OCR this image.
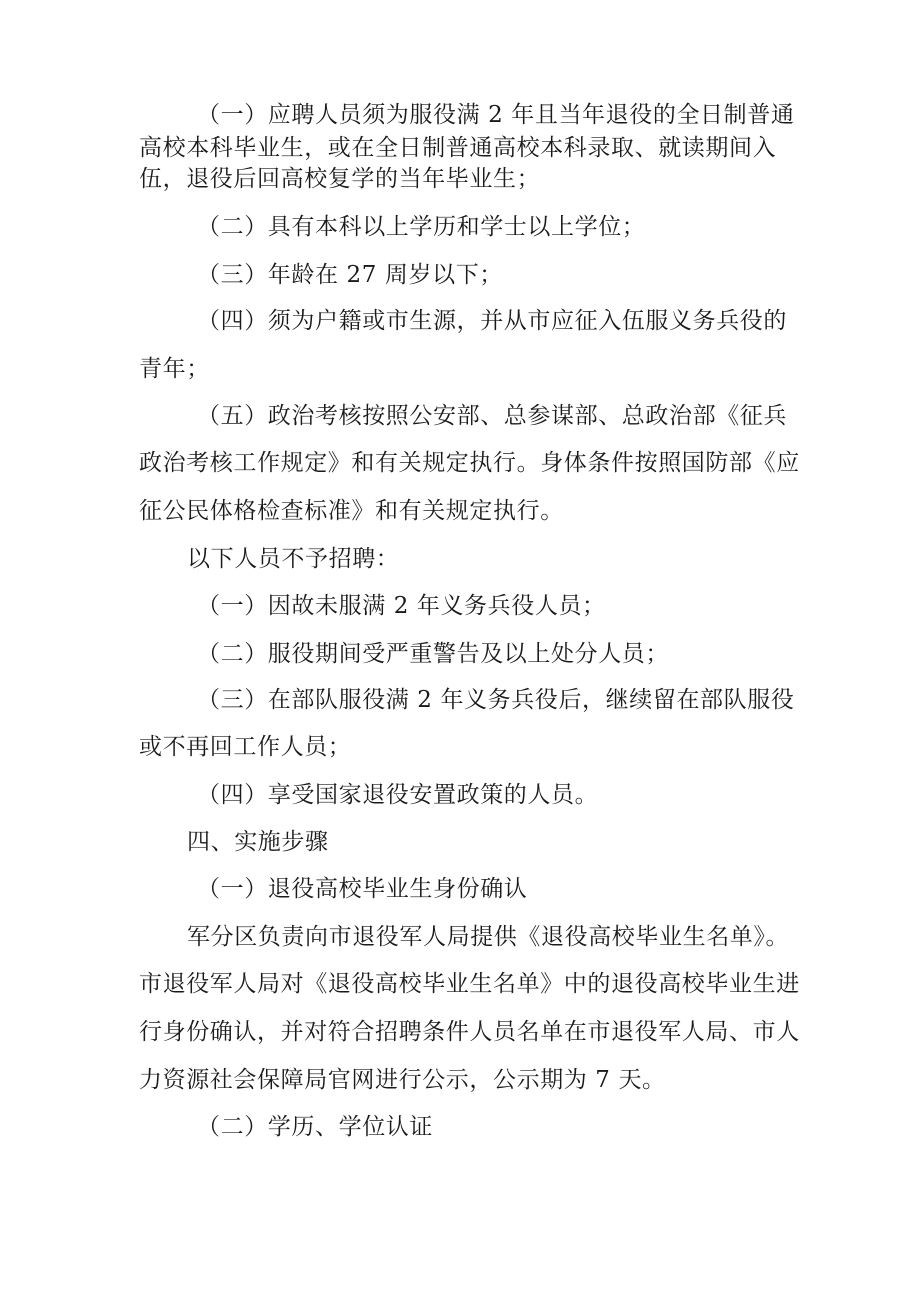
（一）应聘人员须为服役满 2 年且当年退役的全日制普通
高校本科毕业生，或在全日制普通高校本科录取、就读期间入
伍，退役后回高校复学的当年毕业生；
（二）具有本科以上学历和学士以上学位；
（三）年龄在 27 周岁以下；
（四）须为户籍或市生源，并从市应征入伍服义务兵役的
青年；
（五）政治考核按照公安部、总参谋部、总政治部《征兵
政治考核工作规定》和有关规定执行。身体条件按照国防部《应
征公民体格检查标准》和有关规定执行。
以下人员不予招聘：
（一）因故未服满 2 年义务兵役人员；
（二）服役期间受严重警告及以上处分人员；
（三）在部队服役满 2 年义务兵役后，继续留在部队服役
或不再回工作人员；
（四）享受国家退役安置政策的人员。
四、实施步骤
（一）退役高校毕业生身份确认
军分区负责向市退役军人局提供《退役高校毕业生名单》。
市退役军人局对《退役高校毕业生名单》中的退役高校毕业生进
行身份确认，并对符合招聘条件人员名单在市退役军人局、市人
力资源社会保障局官网进行公示，公示期为 7 天。
（二）学历、学位认证
